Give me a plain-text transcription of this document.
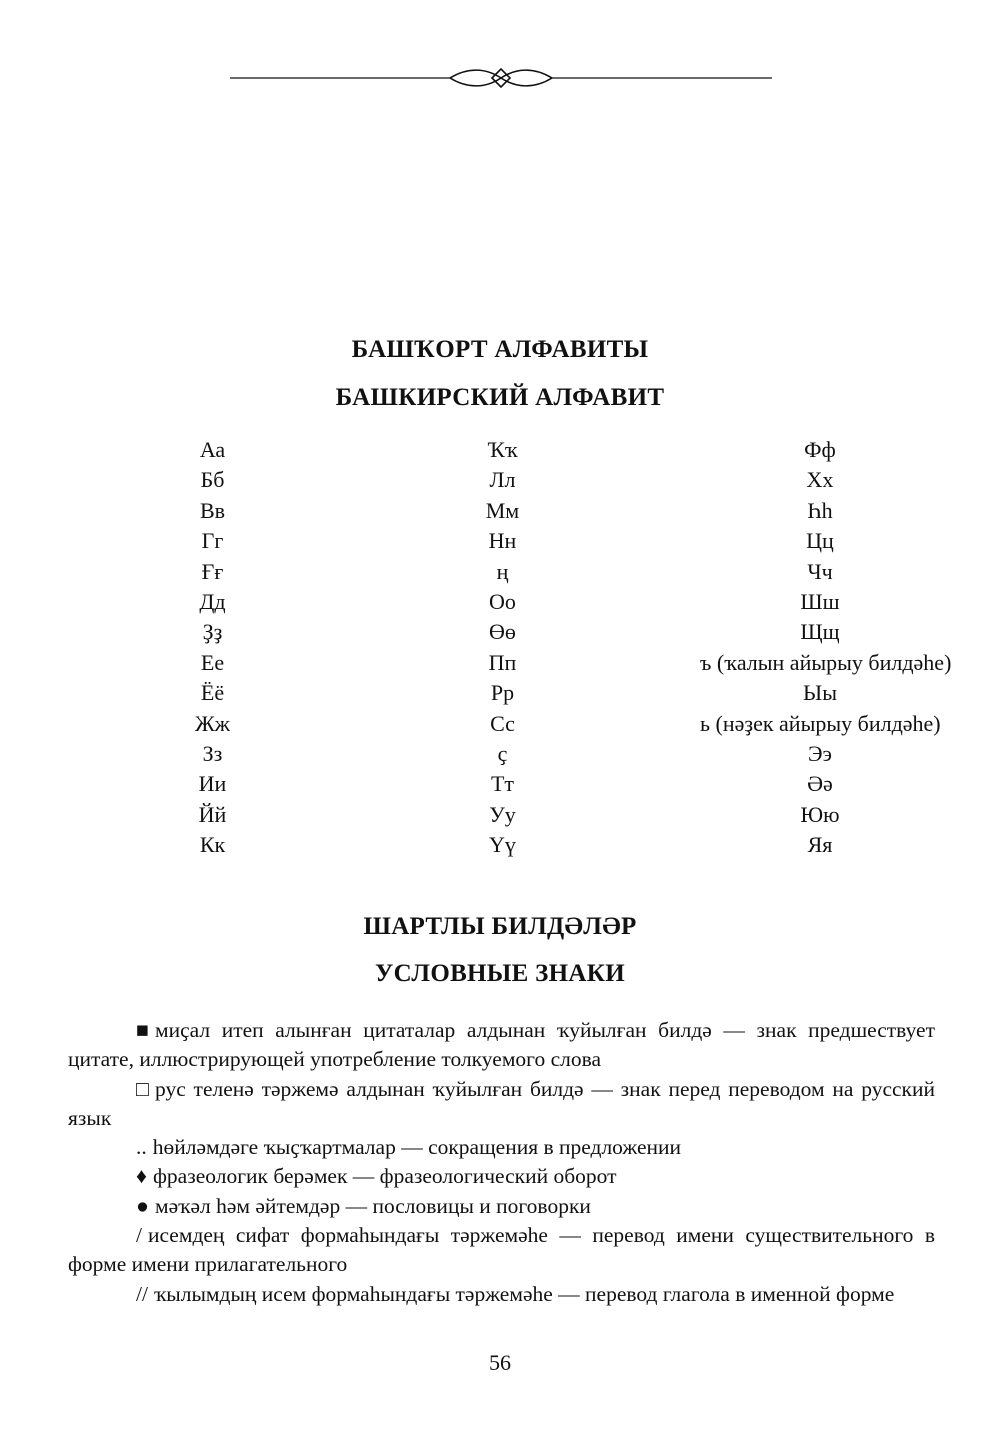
БАШҠОРТ АЛФАВИТЫ
БАШКИРСКИЙ АЛФАВИТ
Аа	Ҡҡ	Фф
Бб	Лл	Хх
Вв	Мм	Һһ
Гг	Нн	Цц
Ғғ	ң	Чч
Дд	Оо	Шш
Ҙҙ	Өө	Щщ
Ее	Пп	ъ (ҡалын айырыу билдәһе)
Ёё	Рр	Ыы
Жж	Сс	ь (нәҙек айырыу билдәһе)
Зз	ҫ	Ээ
Ии	Тт	Әә
Йй	Уу	Юю
Кк	Үү	Яя
ШАРТЛЫ БИЛДӘЛӘР
УСЛОВНЫЕ ЗНАКИ

■ миҫал итеп алынған цитаталар алдынан ҡуйылған билдә — знак предшествует цитате, иллюстрирующей употребление толкуемого слова

□ рус теленә тәржемә алдынан ҡуйылған билдә — знак перед переводом на русский язык

.. һөйләмдәге ҡыҫҡартмалар — сокращения в предложении

♦ фразеологик берәмек — фразеологический оборот

● мәҡәл һәм әйтемдәр — пословицы и поговорки

/ исемдең сифат формаһындағы тәржемәһе — перевод имени существительного в форме имени прилагательного

// ҡылымдың исем формаһындағы тәржемәһе — перевод глагола в именной форме

56
